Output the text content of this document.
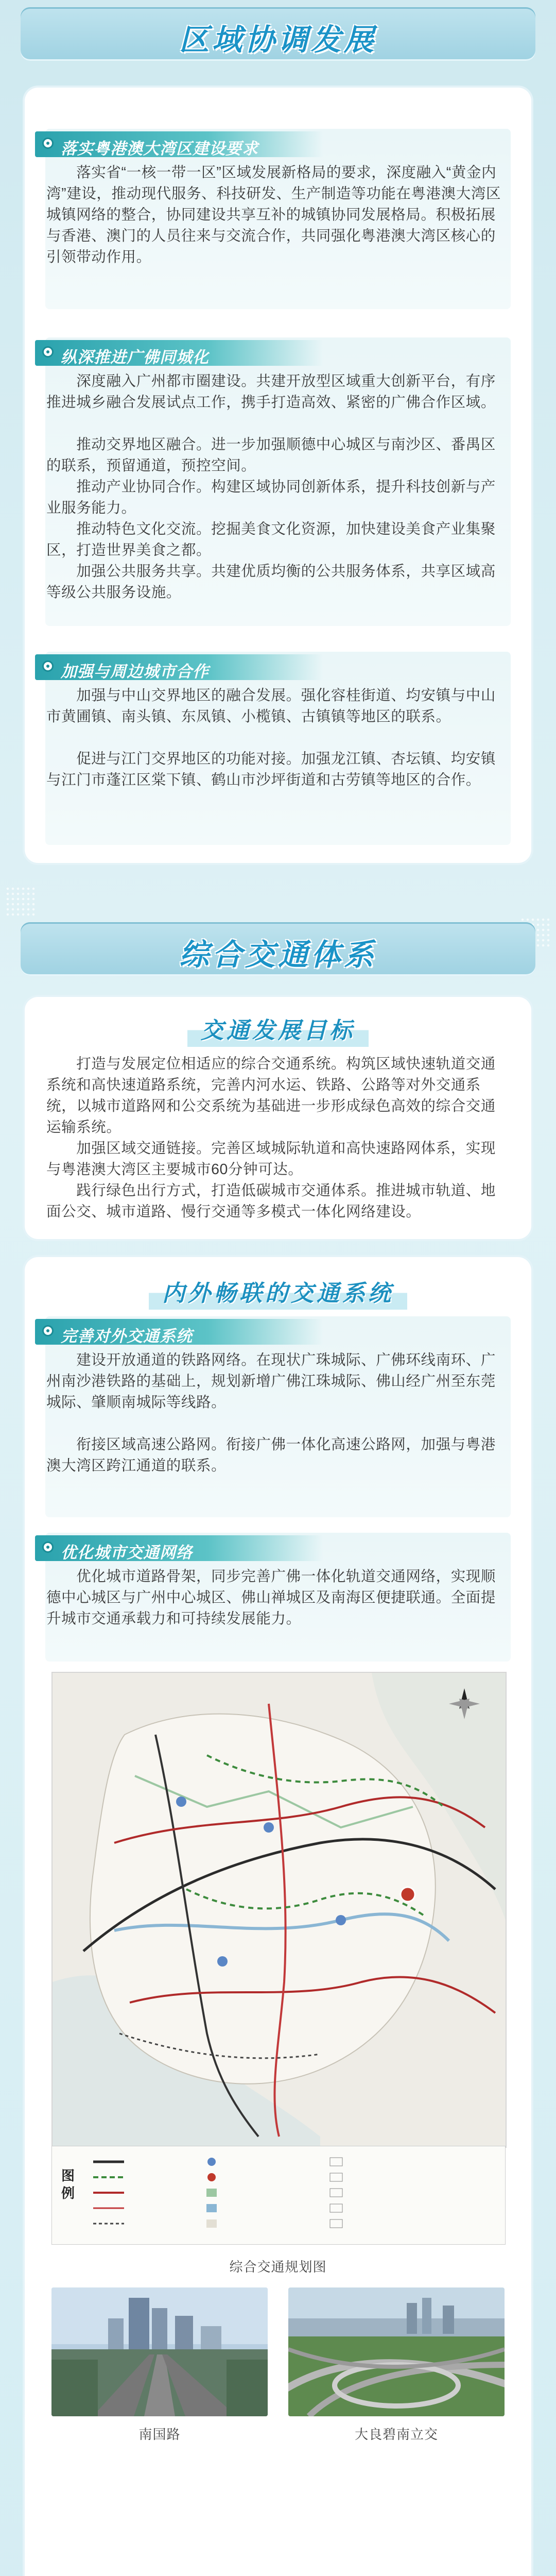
区域协调发展
落实粤港澳大湾区建设要求
　　落实省“一核一带一区”区域发展新格局的要求，深度融入“黄金内湾”建设，推动现代服务、科技研发、生产制造等功能在粤港澳大湾区城镇网络的整合，协同建设共享互补的城镇协同发展格局。积极拓展与香港、澳门的人员往来与交流合作，共同强化粤港澳大湾区核心的引领带动作用。
纵深推进广佛同城化
　　深度融入广州都市圈建设。共建开放型区域重大创新平台，有序推进城乡融合发展试点工作，携手打造高效、紧密的广佛合作区域。
　　推动交界地区融合。进一步加强顺德中心城区与南沙区、番禺区的联系，预留通道，预控空间。
　　推动产业协同合作。构建区域协同创新体系，提升科技创新与产业服务能力。
　　推动特色文化交流。挖掘美食文化资源，加快建设美食产业集聚区，打造世界美食之都。
　　加强公共服务共享。共建优质均衡的公共服务体系，共享区域高等级公共服务设施。
加强与周边城市合作
　　加强与中山交界地区的融合发展。强化容桂街道、均安镇与中山市黄圃镇、南头镇、东凤镇、小榄镇、古镇镇等地区的联系。
　　促进与江门交界地区的功能对接。加强龙江镇、杏坛镇、均安镇与江门市蓬江区棠下镇、鹤山市沙坪街道和古劳镇等地区的合作。
综合交通体系
交通发展目标
　　打造与发展定位相适应的综合交通系统。构筑区域快速轨道交通系统和高快速道路系统，完善内河水运、铁路、公路等对外交通系统，以城市道路网和公交系统为基础进一步形成绿色高效的综合交通运输系统。
　　加强区域交通链接。完善区域城际轨道和高快速路网体系，实现与粤港澳大湾区主要城市60分钟可达。
　　践行绿色出行方式，打造低碳城市交通体系。推进城市轨道、地面公交、城市道路、慢行交通等多模式一体化网络建设。
内外畅联的交通系统
完善对外交通系统
　　建设开放通道的铁路网络。在现状广珠城际、广佛环线南环、广州南沙港铁路的基础上，规划新增广佛江珠城际、佛山经广州至东莞城际、肇顺南城际等线路。
　　衔接区域高速公路网。衔接广佛一体化高速公路网，加强与粤港澳大湾区跨江通道的联系。
优化城市交通网络
　　优化城市道路骨架，同步完善广佛一体化轨道交通网络，实现顺德中心城区与广州中心城区、佛山禅城区及南海区便捷联通。全面提升城市交通承载力和可持续发展能力。
图例
综合交通规划图
南国路	大良碧南立交
